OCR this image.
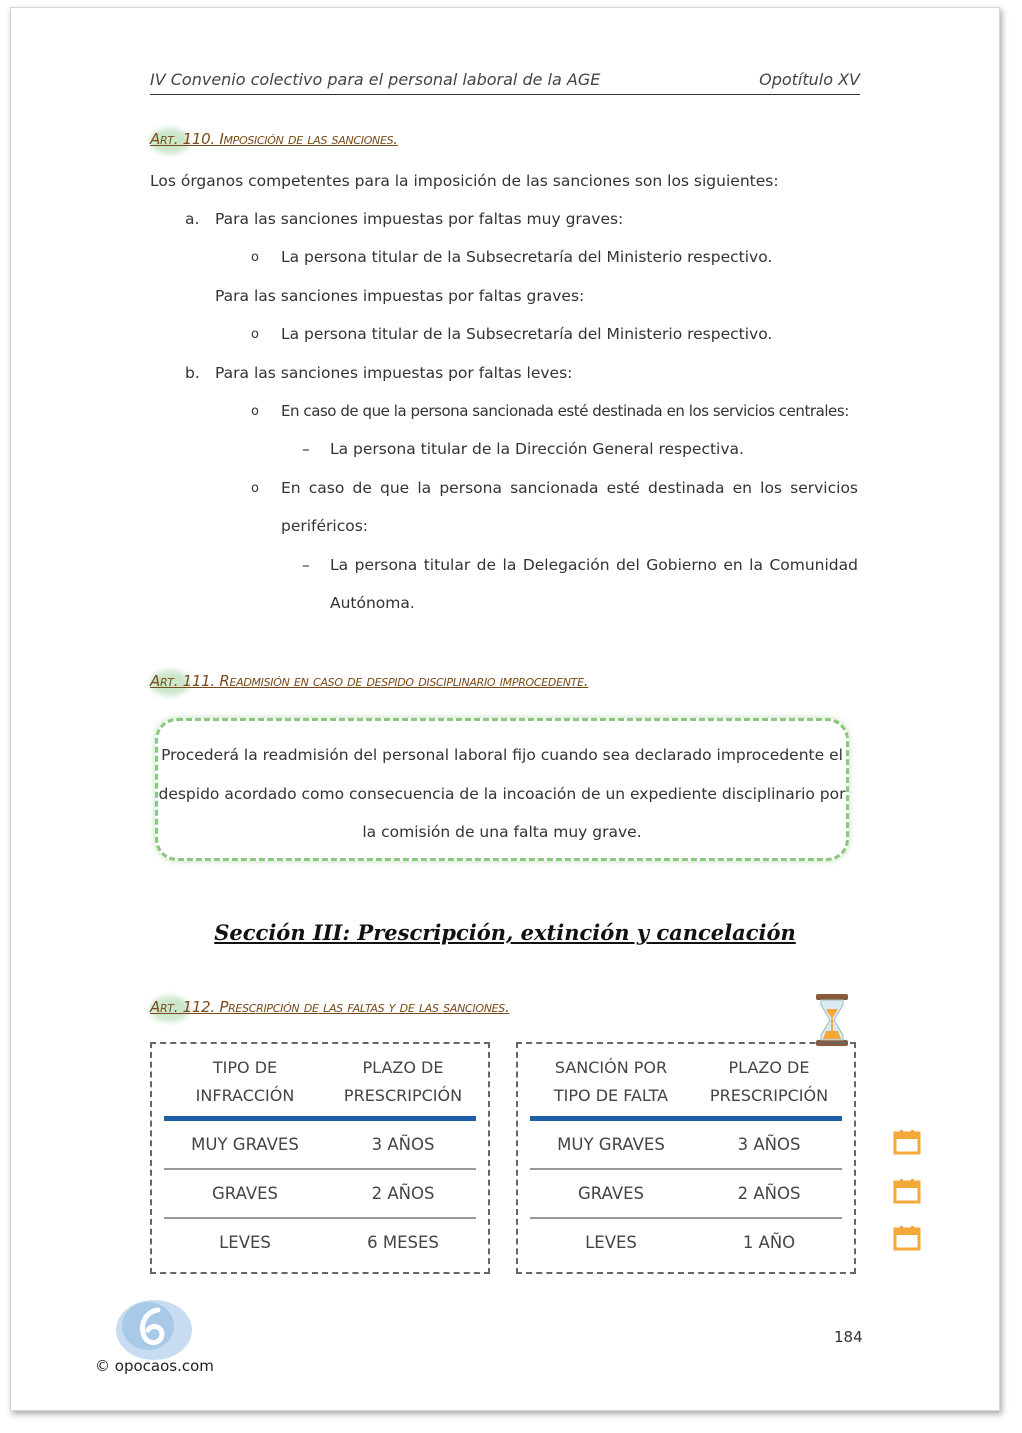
IV Convenio colectivo para el personal laboral de la AGE	Opotítulo XV
Art. 110. Imposición de las sanciones.
Los órganos competentes para la imposición de las sanciones son los siguientes:
a. Para las sanciones impuestas por faltas muy graves:
o La persona titular de la Subsecretaría del Ministerio respectivo.
Para las sanciones impuestas por faltas graves:
o La persona titular de la Subsecretaría del Ministerio respectivo.
b. Para las sanciones impuestas por faltas leves:
o En caso de que la persona sancionada esté destinada en los servicios centrales:
– La persona titular de la Dirección General respectiva.
o En caso de que la persona sancionada esté destinada en los servicios
periféricos:
– La persona titular de la Delegación del Gobierno en la Comunidad
Autónoma.
Art. 111. Readmisión en caso de despido disciplinario improcedente.

Procederá la readmisión del personal laboral fijo cuando sea declarado improcedente el despido acordado como consecuencia de la incoación de un expediente disciplinario por la comisión de una falta muy grave.

Sección III: Prescripción, extinción y cancelación
Art. 112. Prescripción de las faltas y de las sanciones.
TIPO DE INFRACCIÓN
PLAZO DE PRESCRIPCIÓN
MUY GRAVES	3 AÑOS
GRAVES	2 AÑOS
LEVES	6 MESES
SANCIÓN POR TIPO DE FALTA
PLAZO DE PRESCRIPCIÓN
MUY GRAVES	3 AÑOS
GRAVES	2 AÑOS
LEVES	1 AÑO
184
© opocaos.com
